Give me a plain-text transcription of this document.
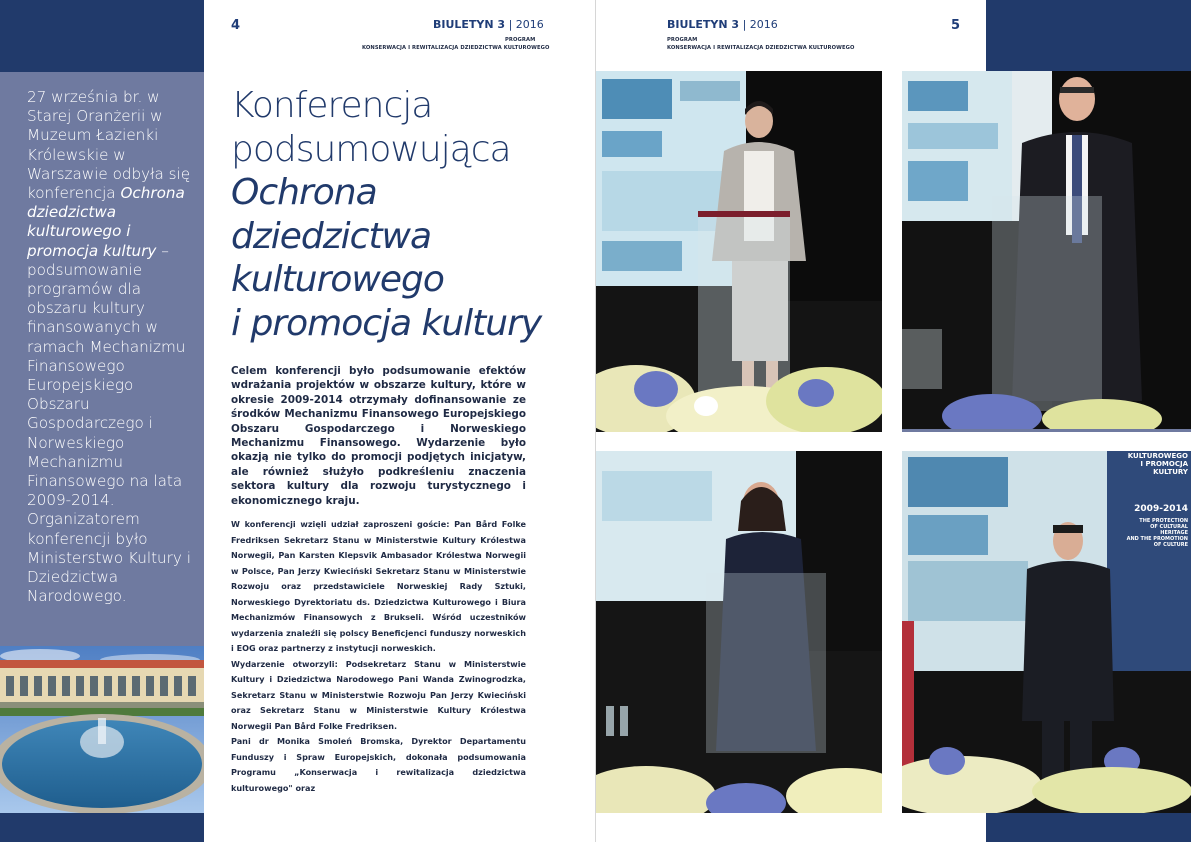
27 września br. w Starej Oranżerii w Muzeum Łazienki Królewskie w Warszawie odbyła się konferencja Ochrona dziedzictwa kulturowego i promocja kultury – podsumowanie programów dla obszaru kultury finansowanych w ramach Mechanizmu Finansowego Europejskiego Obszaru Gospodarczego i Norweskiego Mechanizmu Finansowego na lata 2009-2014. Organizatorem konferencji było Ministerstwo Kultury i Dziedzictwa Narodowego.
4	BIULETYN 3 | 2016
PROGRAM
KONSERWACJA I REWITALIZACJA DZIEDZICTWA KULTUROWEGO
BIULETYN 3 | 2016	5
PROGRAM
KONSERWACJA I REWITALIZACJA DZIEDZICTWA KULTUROWEGO
Konferencja
podsumowująca
Ochrona
dziedzictwa
kulturowego
i promocja kultury
Celem konferencji było podsumowanie efektów wdrażania projektów w obszarze kultury, które w okresie 2009-2014 otrzymały dofinansowanie ze środków Mechanizmu Finansowego Europejskiego Obszaru Gospodarczego i Norweskiego Mechanizmu Finansowego. Wydarzenie było okazją nie tylko do promocji podjętych inicjatyw, ale również służyło podkreśleniu znaczenia sektora kultury dla rozwoju turystycznego i ekonomicznego kraju.

W konferencji wzięli udział zaproszeni goście: Pan Bård Folke Fredriksen Sekretarz Stanu w Ministerstwie Kultury Królestwa Norwegii, Pan Karsten Klepsvik Ambasador Królestwa Norwegii w Polsce, Pan Jerzy Kwieciński Sekretarz Stanu w Ministerstwie Rozwoju oraz przedstawiciele Norweskiej Rady Sztuki, Norweskiego Dyrektoriatu ds. Dziedzictwa Kulturowego i Biura Mechanizmów Finansowych z Brukseli. Wśród uczestników wydarzenia znaleźli się polscy Beneficjenci funduszy norweskich i EOG oraz partnerzy z instytucji norweskich.

Wydarzenie otworzyli: Podsekretarz Stanu w Ministerstwie Kultury i Dziedzictwa Narodowego Pani Wanda Zwinogrodzka, Sekretarz Stanu w Ministerstwie Rozwoju Pan Jerzy Kwieciński oraz Sekretarz Stanu w Ministerstwie Kultury Królestwa Norwegii Pan Bård Folke Fredriksen.

Pani dr Monika Smoleń Bromska, Dyrektor Departamentu Funduszy i Spraw Europejskich, dokonała podsumowania Programu „Konserwacja i rewitalizacja dziedzictwa kulturowego" oraz

KULTUROWEGO
I PROMOCJA
KULTURY
2009-2014
THE PROTECTION
OF CULTURAL
HERITAGE
AND THE PROMOTION
OF CULTURE
